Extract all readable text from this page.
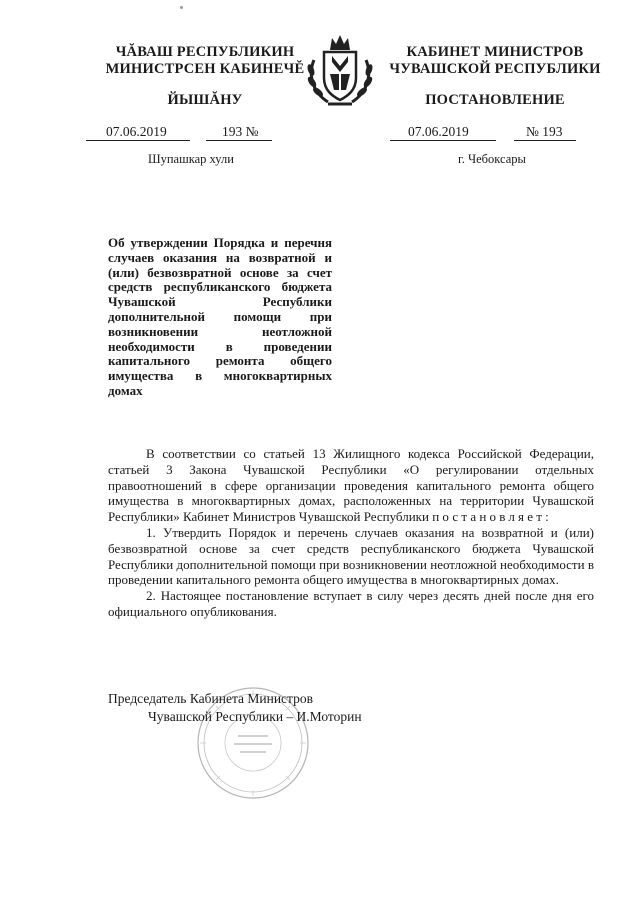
ЧĂВАШ РЕСПУБЛИКИН
МИНИСТРСЕН КАБИНЕЧĔ
ЙЫШĂНУ
КАБИНЕТ МИНИСТРОВ
ЧУВАШСКОЙ РЕСПУБЛИКИ
ПОСТАНОВЛЕНИЕ
07.06.2019	193 №	07.06.2019	№ 193
Шупашкар хули	г. Чебоксары
Об утверждении Порядка и перечня случаев оказания на возвратной и (или) безвозвратной основе за счет средств республиканского бюджета Чувашской Республики дополнительной помощи при возникновении неотложной необходимости в проведении капитального ремонта общего имущества в многоквартирных домах

В соответствии со статьей 13 Жилищного кодекса Российской Федерации, статьей 3 Закона Чувашской Республики «О регулировании отдельных правоотношений в сфере организации проведения капитального ремонта общего имущества в многоквартирных домах, расположенных на территории Чувашской Республики» Кабинет Министров Чувашской Республики постановляет:

1. Утвердить Порядок и перечень случаев оказания на возвратной и (или) безвозвратной основе за счет средств республиканского бюджета Чувашской Республики дополнительной помощи при возникновении неотложной необходимости в проведении капитального ремонта общего имущества в многоквартирных домах.

2. Настоящее постановление вступает в силу через десять дней после дня его официального опубликования.

Председатель Кабинета Министров
Чувашской Республики – И.Моторин
